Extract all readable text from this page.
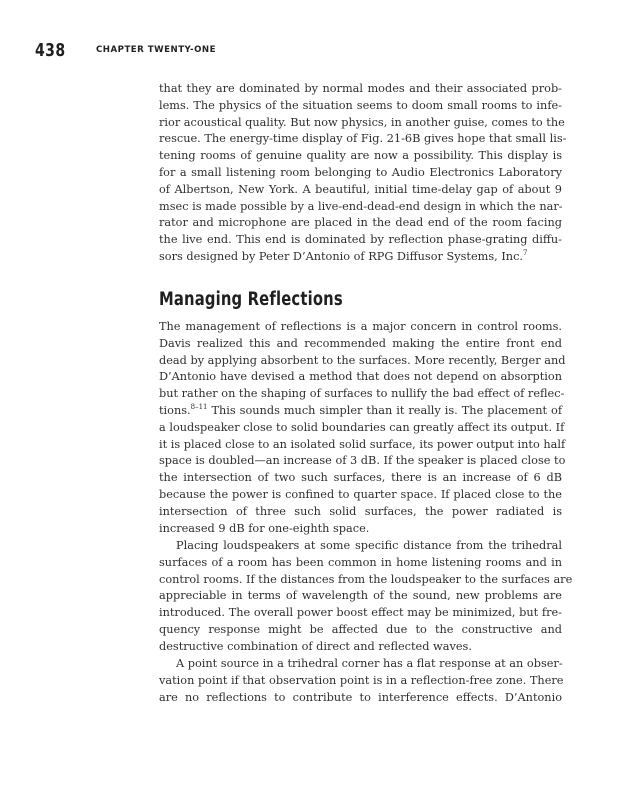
438	CHAPTER TWENTY-ONE
that they are dominated by normal modes and their associated prob-
lems. The physics of the situation seems to doom small rooms to infe-
rior acoustical quality. But now physics, in another guise, comes to the
rescue. The energy-time display of Fig. 21-6B gives hope that small lis-
tening rooms of genuine quality are now a possibility. This display is
for a small listening room belonging to Audio Electronics Laboratory
of Albertson, New York. A beautiful, initial time-delay gap of about 9
msec is made possible by a live-end-dead-end design in which the nar-
rator and microphone are placed in the dead end of the room facing
the live end. This end is dominated by reflection phase-grating diffu-
sors designed by Peter D’Antonio of RPG Diffusor Systems, Inc.$^7$
Managing Reflections
The management of reflections is a major concern in control rooms.
Davis realized this and recommended making the entire front end
dead by applying absorbent to the surfaces. More recently, Berger and
D’Antonio have devised a method that does not depend on absorption
but rather on the shaping of surfaces to nullify the bad effect of reflec-
tions.$^{8-11}$ This sounds much simpler than it really is. The placement of
a loudspeaker close to solid boundaries can greatly affect its output. If
it is placed close to an isolated solid surface, its power output into half
space is doubled—an increase of 3 dB. If the speaker is placed close to
the intersection of two such surfaces, there is an increase of 6 dB
because the power is confined to quarter space. If placed close to the
intersection of three such solid surfaces, the power radiated is
increased 9 dB for one-eighth space.
Placing loudspeakers at some specific distance from the trihedral
surfaces of a room has been common in home listening rooms and in
control rooms. If the distances from the loudspeaker to the surfaces are
appreciable in terms of wavelength of the sound, new problems are
introduced. The overall power boost effect may be minimized, but fre-
quency response might be affected due to the constructive and
destructive combination of direct and reflected waves.
A point source in a trihedral corner has a flat response at an obser-
vation point if that observation point is in a reflection-free zone. There
are no reflections to contribute to interference effects. D’Antonio
